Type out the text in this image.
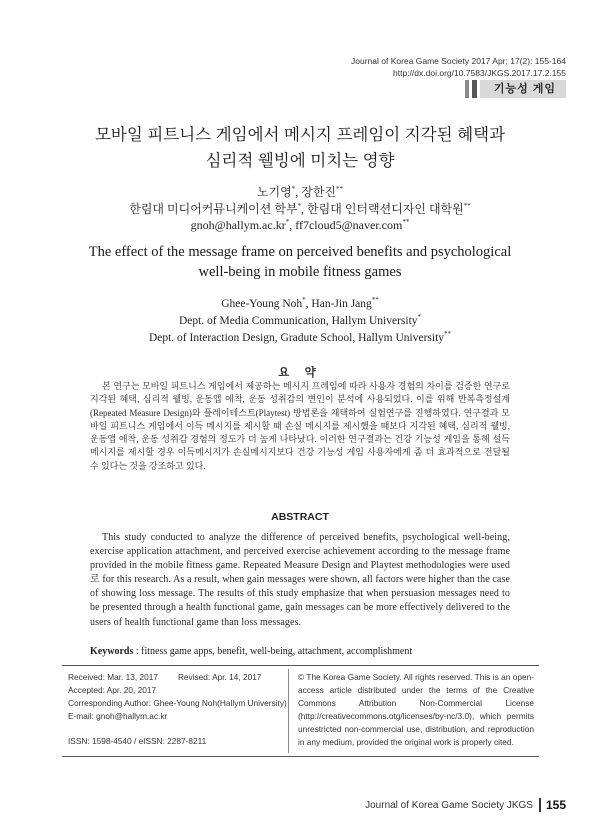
Journal of Korea Game Society 2017 Apr; 17(2): 155-164
http://dx.doi.org/10.7583/JKGS.2017.17.2.155
기능성 게임
모바일 피트니스 게임에서 메시지 프레임이 지각된 혜택과
심리적 웰빙에 미치는 영향
노기영*, 장한진**
한림대 미디어커뮤니케이션 학부*, 한림대 인터랙션디자인 대학원**
gnoh@hallym.ac.kr*, ff7cloud5@naver.com**
The effect of the message frame on perceived benefits and psychological
well-being in mobile fitness games
Ghee-Young Noh*, Han-Jin Jang**
Dept. of Media Communication, Hallym University*
Dept. of Interaction Design, Gradute School, Hallym University**
요 약
본 연구는 모바일 피트니스 게임에서 제공하는 메시지 프레임에 따라 사용자 경험의 차이를 검증한 연구로 지각된 혜택, 심리적 웰빙, 운동앱 애착, 운동 성취감의 변인이 분석에 사용되었다. 이를 위해 반복측정설계(Repeated Measure Design)와 플레이테스트(Playtest) 방법론을 채택하여 실험연구를 진행하였다. 연구결과 모바일 피트니스 게임에서 이득 메시지를 제시할 때 손실 메시지를 제시했을 때보다 지각된 혜택, 심리적 웰빙, 운동앱 애착, 운동 성취감 경험의 정도가 더 높게 나타났다. 이러한 연구결과는 건강 기능성 게임을 통해 설득 메시지를 제시할 경우 이득메시지가 손실메시지보다 건강 기능성 게임 사용자에게 좀 더 효과적으로 전달될 수 있다는 것을 강조하고 있다.
ABSTRACT
This study conducted to analyze the difference of perceived benefits, psychological well-being, exercise application attachment, and perceived exercise achievement according to the message frame provided in the mobile fitness game. Repeated Measure Design and Playtest methodologies were used로 for this research. As a result, when gain messages were shown, all factors were higher than the case of showing loss message. The results of this study emphasize that when persuasion messages need to be presented through a health functional game, gain messages can be more effectively delivered to the users of health functional game than loss messages.
Keywords : fitness game apps, benefit, well-being, attachment, accomplishment
Received: Mar. 13, 2017 Revised: Apr. 14, 2017
Accepted: Apr. 20, 2017
Corresponding Author: Ghee-Young Noh(Hallym University)
E-mail: gnoh@hallym.ac.kr
ISSN: 1598-4540 / eISSN: 2287-8211
© The Korea Game Society. All rights reserved. This is an open-access article distributed under the terms of the Creative Commons Attribution Non-Commercial License (http://creativecommons.otg/licenses/by-nc/3.0), which permits unrestricted non-commercial use, distribution, and reproduction in any medium, provided the original work is properly cited.
Journal of Korea Game Society JKGS 155
